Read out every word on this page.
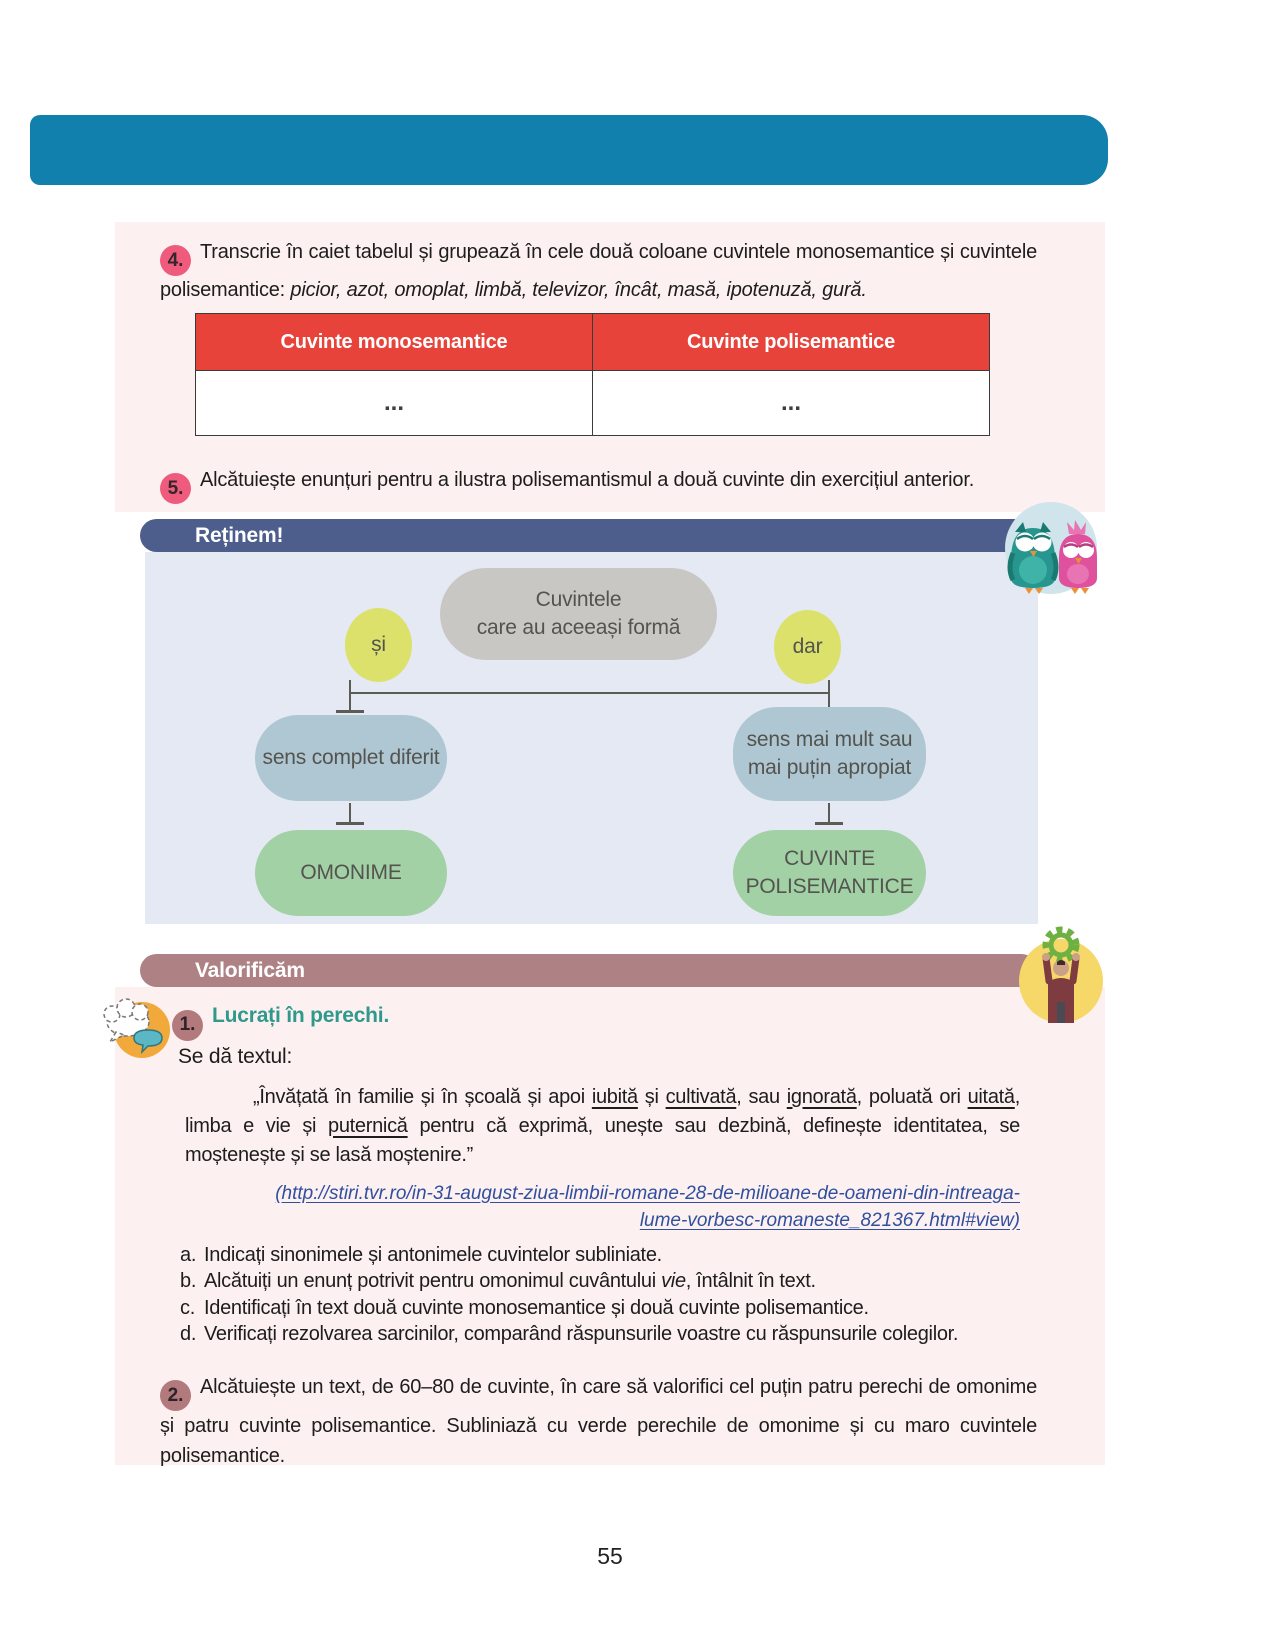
4. Transcrie în caiet tabelul și grupează în cele două coloane cuvintele monosemantice și cuvintele polisemantice: picior, azot, omoplat, limbă, televizor, încât, masă, ipotenuză, gură.

Cuvinte monosemantice	Cuvinte polisemantice
...	...

5. Alcătuiește enunțuri pentru a ilustra polisemantismul a două cuvinte din exercițiul anterior.

Reținem!
Cuvintele
care au aceeași formă
și	dar
sens complet diferit
sens mai mult sau mai puțin apropiat
OMONIME
CUVINTE POLISEMANTICE
Valorificăm
1. Lucrați în perechi.
Se dă textul:

„Învățată în familie și în școală și apoi iubită și cultivată, sau ignorată, poluată ori uitată, limba e vie și puternică pentru că exprimă, unește sau dezbină, definește identitatea, se moștenește și se lasă moștenire.”

(http://stiri.tvr.ro/in-31-august-ziua-limbii-romane-28-de-milioane-de-oameni-din-intreaga-
lume-vorbesc-romaneste_821367.html#view)
a. Indicați sinonimele și antonimele cuvintelor subliniate.
b. Alcătuiți un enunț potrivit pentru omonimul cuvântului vie, întâlnit în text.
c. Identificați în text două cuvinte monosemantice și două cuvinte polisemantice.
d. Verificați rezolvarea sarcinilor, comparând răspunsurile voastre cu răspunsurile colegilor.

2. Alcătuiește un text, de 60–80 de cuvinte, în care să valorifici cel puțin patru perechi de omonime și patru cuvinte polisemantice. Subliniază cu verde perechile de omonime și cu maro cuvintele polisemantice.

55
